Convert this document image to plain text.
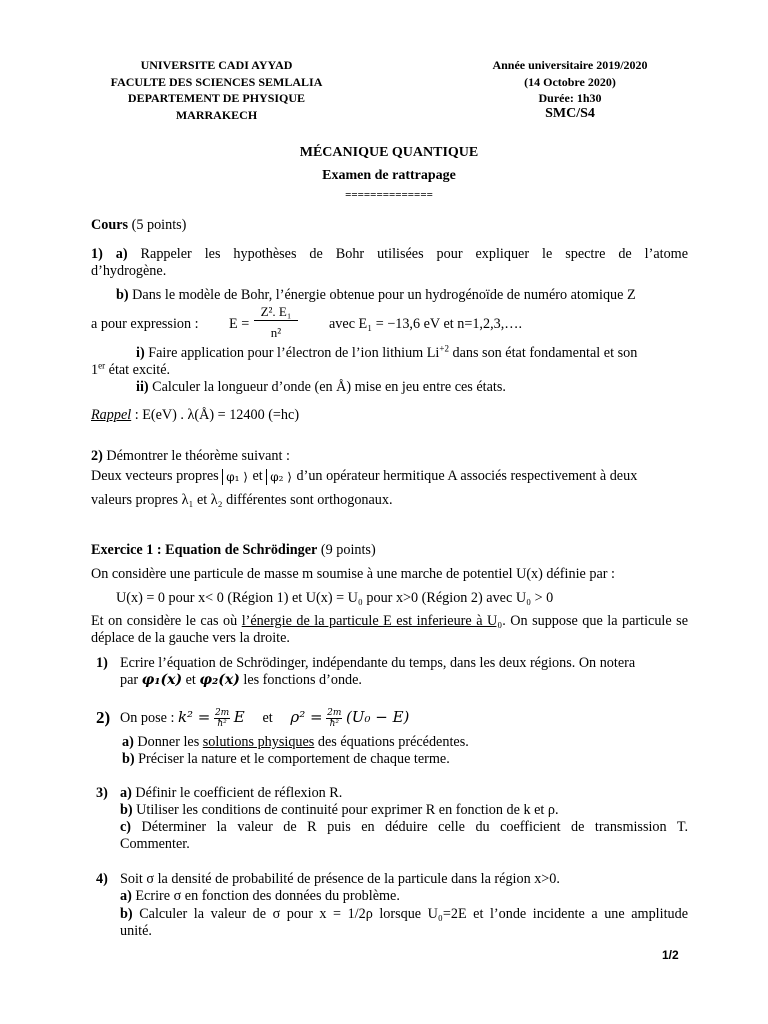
UNIVERSITE CADI AYYAD
FACULTE DES SCIENCES SEMLALIA
DEPARTEMENT DE PHYSIQUE
MARRAKECH
Année universitaire 2019/2020
(14 Octobre 2020)
Durée: 1h30
SMC/S4
MÉCANIQUE QUANTIQUE
Examen de rattrapage
==============
Cours (5 points)
1) a) Rappeler les hypothèses de Bohr utilisées pour expliquer le spectre de l’atome
d’hydrogène.
b) Dans le modèle de Bohr, l’énergie obtenue pour un hydrogénoïde de numéro atomique Z
a pour expression : E =
Z². E₁
n²
avec E₁ = −13,6 eV et n=1,2,3,….
i) Faire application pour l’électron de l’ion lithium $Li^{+2}$ dans son état fondamental et son
1er état excité.
ii) Calculer la longueur d’onde (en Å) mise en jeu entre ces états.
Rappel : E(eV) . λ(Å) = 12400 (=hc)
2) Démontrer le théorème suivant :
Deux vecteurs propres φ₁ ⟩ et φ₂ ⟩ d’un opérateur hermitique A associés respectivement à deux
valeurs propres λ₁ et λ₂ différentes sont orthogonaux.
Exercice 1 : Equation de Schrödinger (9 points)
On considère une particule de masse m soumise à une marche de potentiel U(x) définie par :
U(x) = 0 pour x< 0 (Région 1) et U(x) = U₀ pour x>0 (Région 2) avec U₀ > 0
Et on considère le cas où l’énergie de la particule E est inferieure à U₀. On suppose que la particule se déplace de la gauche vers la droite.
1) Ecrire l’équation de Schrödinger, indépendante du temps, dans les deux régions. On notera
par φ₁(x) et φ₂(x) les fonctions d’onde.
2) On pose : $k^2 = \frac{2m}{\text{ħ²}}$ E et $\rho^2 = \frac{2m}{\text{ħ²}} (U_0 - E)$
a) Donner les solutions physiques des équations précédentes.
b) Préciser la nature et le comportement de chaque terme.
3) a) Définir le coefficient de réflexion R.
b) Utiliser les conditions de continuité pour exprimer R en fonction de k et ρ.
c) Déterminer la valeur de R puis en déduire celle du coefficient de transmission T.
Commenter.
4) Soit σ la densité de probabilité de présence de la particule dans la région x>0.
a) Ecrire σ en fonction des données du problème.
b) Calculer la valeur de σ pour x = 1/2ρ lorsque U₀=2E et l’onde incidente a une amplitude
unité.
1/2
